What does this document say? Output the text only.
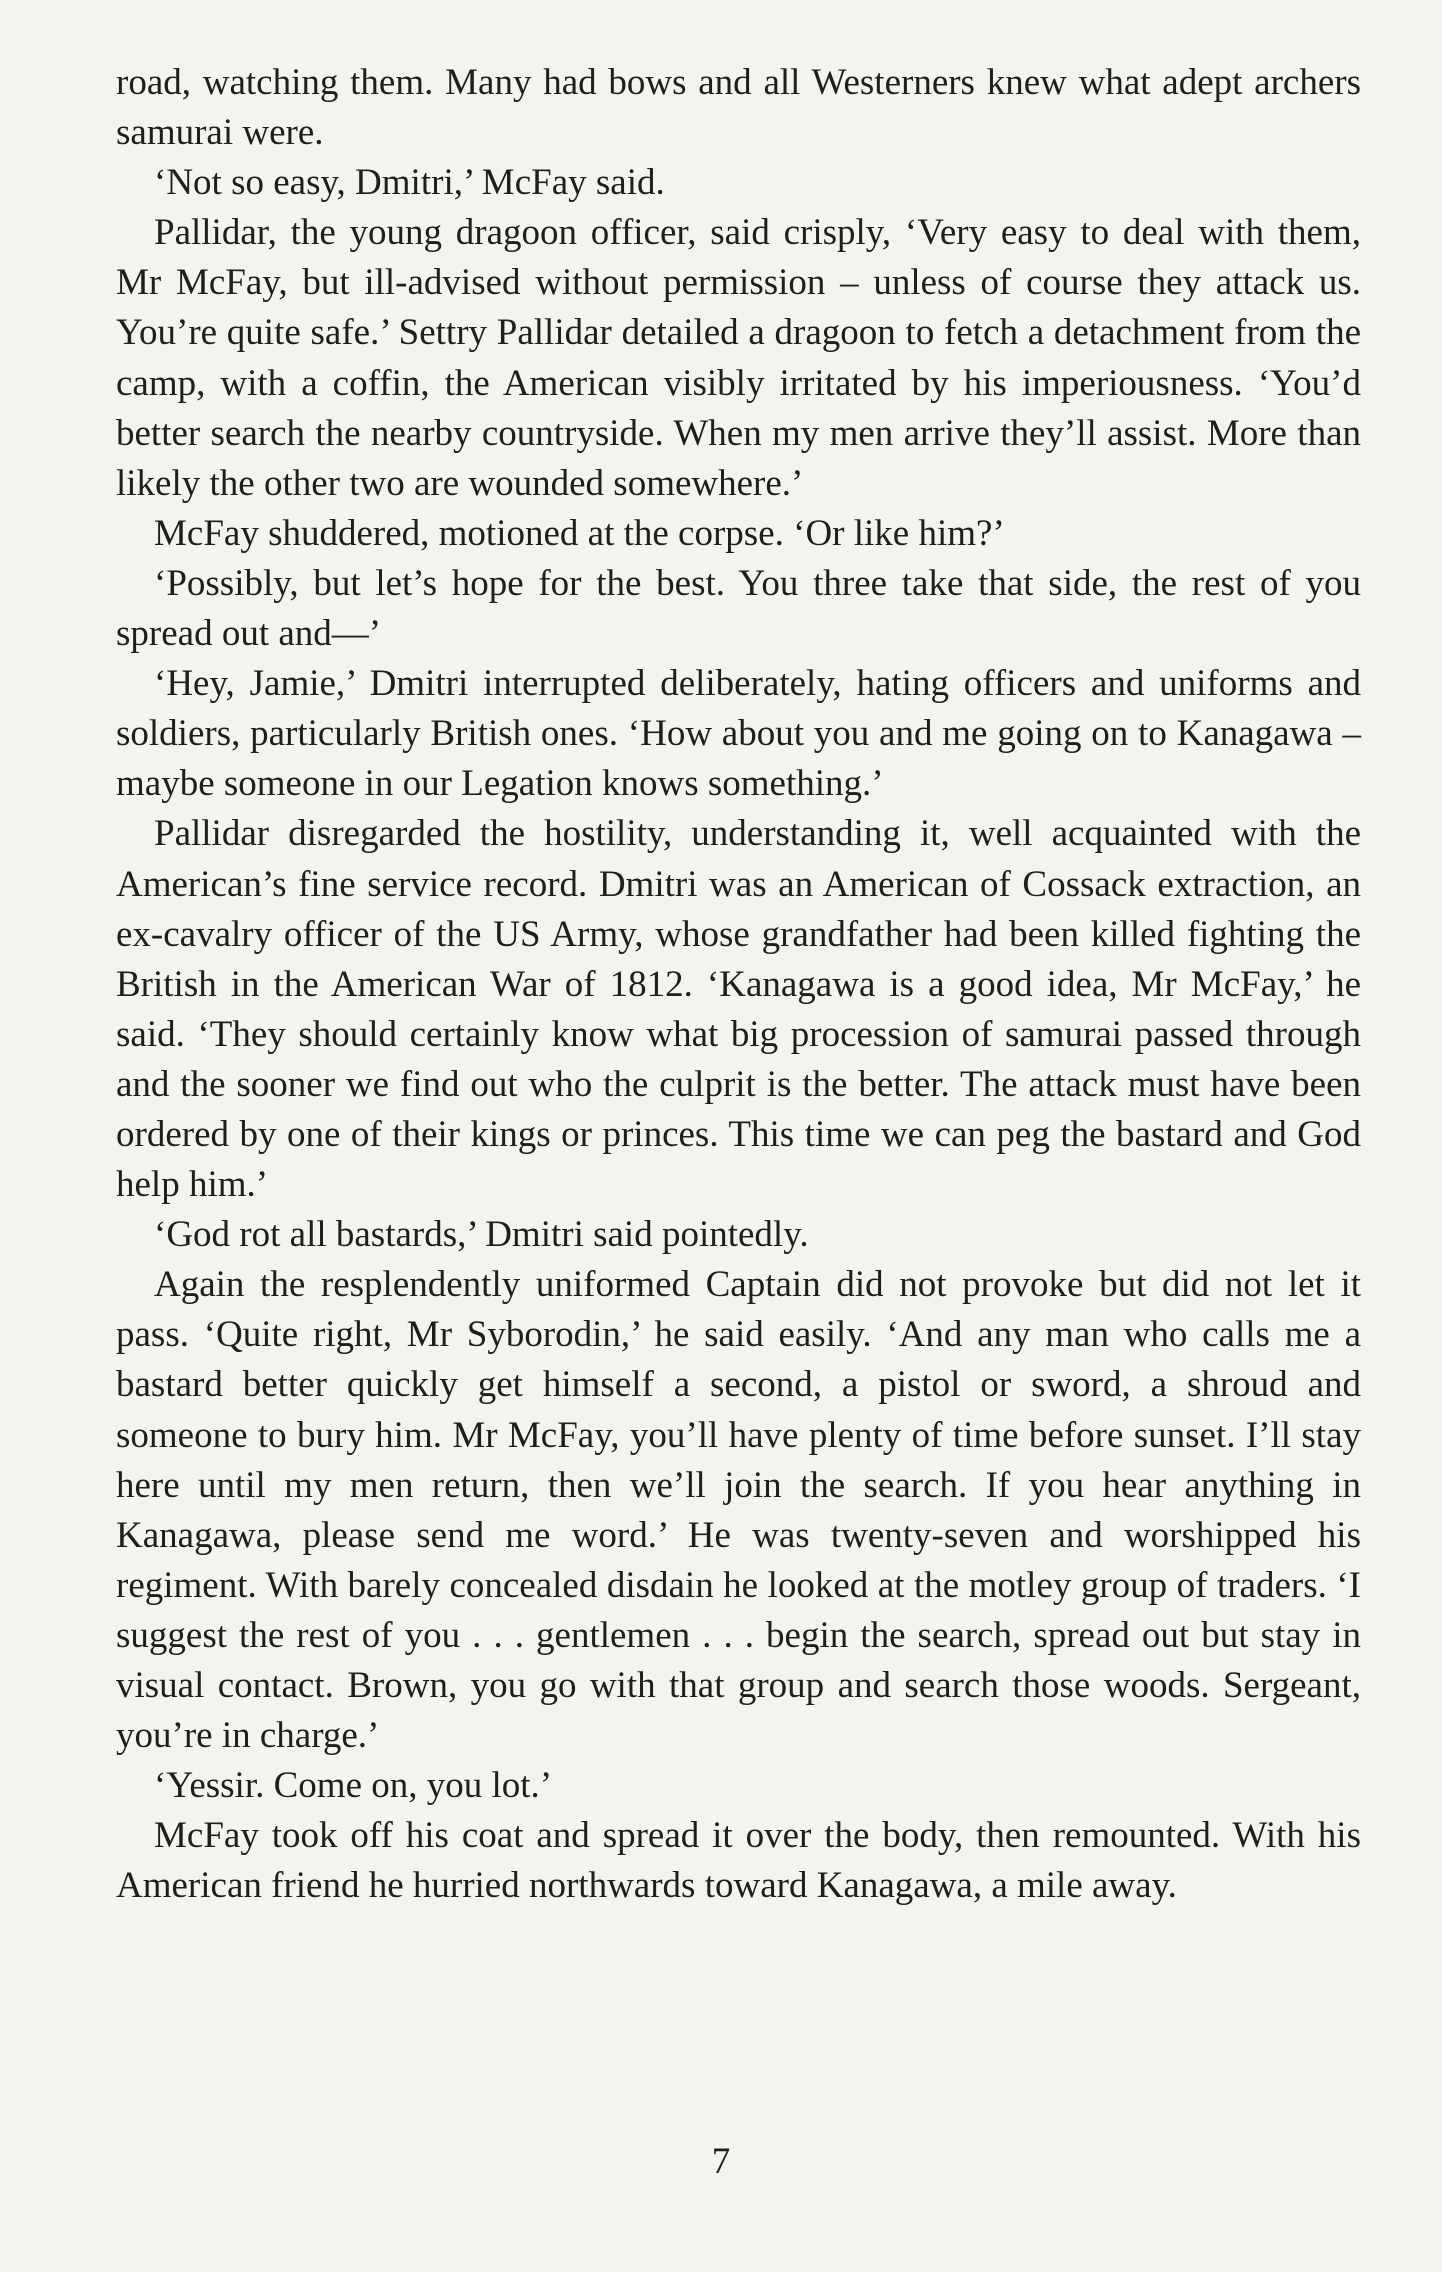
road, watching them. Many had bows and all Westerners knew what adept archers samurai were.

‘Not so easy, Dmitri,’ McFay said.

Pallidar, the young dragoon officer, said crisply, ‘Very easy to deal with them, Mr McFay, but ill-advised without permission – unless of course they attack us. You’re quite safe.’ Settry Pallidar detailed a dragoon to fetch a detachment from the camp, with a coffin, the American visibly irritated by his imperiousness. ‘You’d better search the nearby countryside. When my men arrive they’ll assist. More than likely the other two are wounded somewhere.’

McFay shuddered, motioned at the corpse. ‘Or like him?’

‘Possibly, but let’s hope for the best. You three take that side, the rest of you spread out and—’

‘Hey, Jamie,’ Dmitri interrupted deliberately, hating officers and uniforms and soldiers, particularly British ones. ‘How about you and me going on to Kanagawa – maybe someone in our Legation knows something.’

Pallidar disregarded the hostility, understanding it, well acquainted with the American’s fine service record. Dmitri was an American of Cossack extraction, an ex-cavalry officer of the US Army, whose grandfather had been killed fighting the British in the American War of 1812. ‘Kanagawa is a good idea, Mr McFay,’ he said. ‘They should certainly know what big procession of samurai passed through and the sooner we find out who the culprit is the better. The attack must have been ordered by one of their kings or princes. This time we can peg the bastard and God help him.’

‘God rot all bastards,’ Dmitri said pointedly.

Again the resplendently uniformed Captain did not provoke but did not let it pass. ‘Quite right, Mr Syborodin,’ he said easily. ‘And any man who calls me a bastard better quickly get himself a second, a pistol or sword, a shroud and someone to bury him. Mr McFay, you’ll have plenty of time before sunset. I’ll stay here until my men return, then we’ll join the search. If you hear anything in Kanagawa, please send me word.’ He was twenty-seven and worshipped his regiment. With barely concealed disdain he looked at the motley group of traders. ‘I suggest the rest of you . . . gentlemen . . . begin the search, spread out but stay in visual contact. Brown, you go with that group and search those woods. Sergeant, you’re in charge.’

‘Yessir. Come on, you lot.’

McFay took off his coat and spread it over the body, then remounted. With his American friend he hurried northwards toward Kanagawa, a mile away.

7
